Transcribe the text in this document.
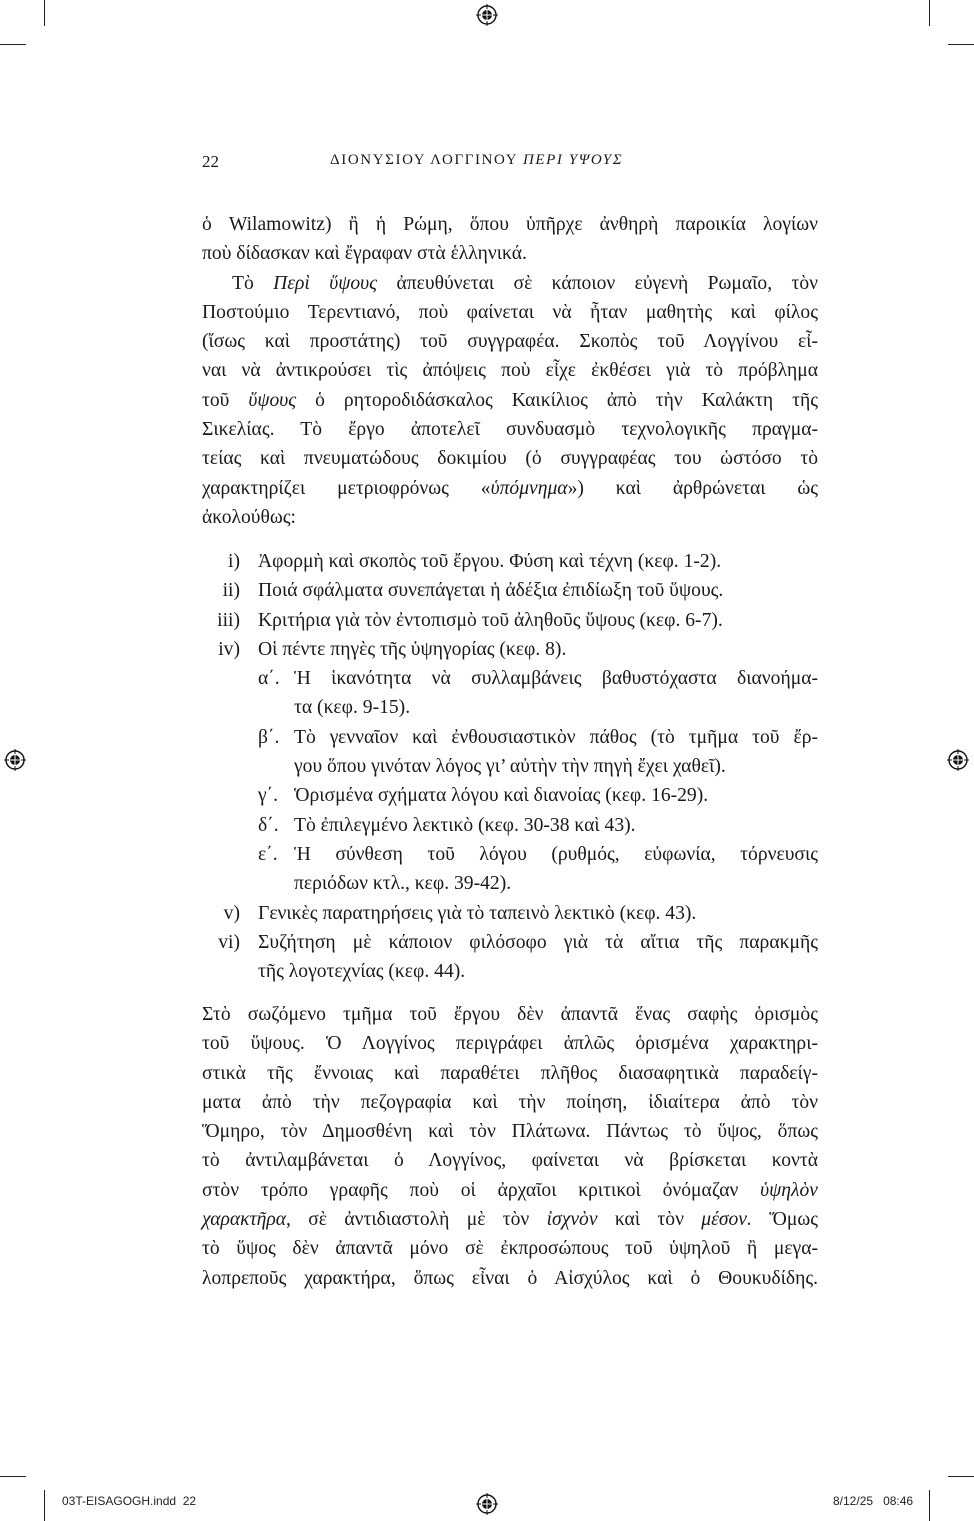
22	ΔΙΟΝΥΣΙΟΥ ΛΟΓΓΙΝΟΥ ΠΕΡΙ ΥΨΟΥΣ
ὁ Wilamowitz) ἢ ἡ Ρώμη, ὅπου ὑπῆρχε ἀνθηρὴ παροικία λογίων
ποὺ δίδασκαν καὶ ἔγραφαν στὰ ἑλληνικά.
Τὸ Περὶ ὕψους ἀπευθύνεται σὲ κάποιον εὐγενὴ Ρωμαῖο, τὸν
Ποστούμιο Τερεντιανό, ποὺ φαίνεται νὰ ἦταν μαθητὴς καὶ φίλος
(ἴσως καὶ προστάτης) τοῦ συγγραφέα. Σκοπὸς τοῦ Λογγίνου εἶ-
ναι νὰ ἀντικρούσει τὶς ἀπόψεις ποὺ εἶχε ἐκθέσει γιὰ τὸ πρόβλημα
τοῦ ὕψους ὁ ρητοροδιδάσκαλος Καικίλιος ἀπὸ τὴν Καλάκτη τῆς
Σικελίας. Τὸ ἔργο ἀποτελεῖ συνδυασμὸ τεχνολογικῆς πραγμα-
τείας καὶ πνευματώδους δοκιμίου (ὁ συγγραφέας του ὡστόσο τὸ
χαρακτηρίζει μετριοφρόνως «ὑπόμνημα») καὶ ἀρθρώνεται ὡς
ἀκολούθως:
i) Ἀφορμὴ καὶ σκοπὸς τοῦ ἔργου. Φύση καὶ τέχνη (κεφ. 1-2).
ii) Ποιά σφάλματα συνεπάγεται ἡ ἀδέξια ἐπιδίωξη τοῦ ὕψους.
iii) Κριτήρια γιὰ τὸν ἐντοπισμὸ τοῦ ἀληθοῦς ὕψους (κεφ. 6-7).
iv) Οἱ πέντε πηγὲς τῆς ὑψηγορίας (κεφ. 8).
α΄. Ἡ ἱκανότητα νὰ συλλαμβάνεις βαθυστόχαστα διανοήμα-
τα (κεφ. 9-15).
β΄. Τὸ γενναῖον καὶ ἐνθουσιαστικὸν πάθος (τὸ τμῆμα τοῦ ἔρ-
γου ὅπου γινόταν λόγος γι’ αὐτὴν τὴν πηγὴ ἔχει χαθεῖ).
γ΄. Ὁρισμένα σχήματα λόγου καὶ διανοίας (κεφ. 16-29).
δ΄. Τὸ ἐπιλεγμένο λεκτικὸ (κεφ. 30-38 καὶ 43).
ε΄. Ἡ σύνθεση τοῦ λόγου (ρυθμός, εὐφωνία, τόρνευσις
περιόδων κτλ., κεφ. 39-42).
v) Γενικὲς παρατηρήσεις γιὰ τὸ ταπεινὸ λεκτικὸ (κεφ. 43).
vi) Συζήτηση μὲ κάποιον φιλόσοφο γιὰ τὰ αἴτια τῆς παρακμῆς
τῆς λογοτεχνίας (κεφ. 44).
Στὸ σωζόμενο τμῆμα τοῦ ἔργου δὲν ἀπαντᾶ ἕνας σαφὴς ὁρισμὸς
τοῦ ὕψους. Ὁ Λογγίνος περιγράφει ἁπλῶς ὁρισμένα χαρακτηρι-
στικὰ τῆς ἔννοιας καὶ παραθέτει πλῆθος διασαφητικὰ παραδείγ-
ματα ἀπὸ τὴν πεζογραφία καὶ τὴν ποίηση, ἰδιαίτερα ἀπὸ τὸν
Ὅμηρο, τὸν Δημοσθένη καὶ τὸν Πλάτωνα. Πάντως τὸ ὕψος, ὅπως
τὸ ἀντιλαμβάνεται ὁ Λογγίνος, φαίνεται νὰ βρίσκεται κοντὰ
στὸν τρόπο γραφῆς ποὺ οἱ ἀρχαῖοι κριτικοὶ ὀνόμαζαν ὑψηλὸν
χαρακτῆρα, σὲ ἀντιδιαστολὴ μὲ τὸν ἰσχνὸν καὶ τὸν μέσον. Ὅμως
τὸ ὕψος δὲν ἀπαντᾶ μόνο σὲ ἐκπροσώπους τοῦ ὑψηλοῦ ἢ μεγα-
λοπρεποῦς χαρακτήρα, ὅπως εἶναι ὁ Αἰσχύλος καὶ ὁ Θουκυδίδης.
03T-EISAGOGH.indd 22	8/12/25 08:46
